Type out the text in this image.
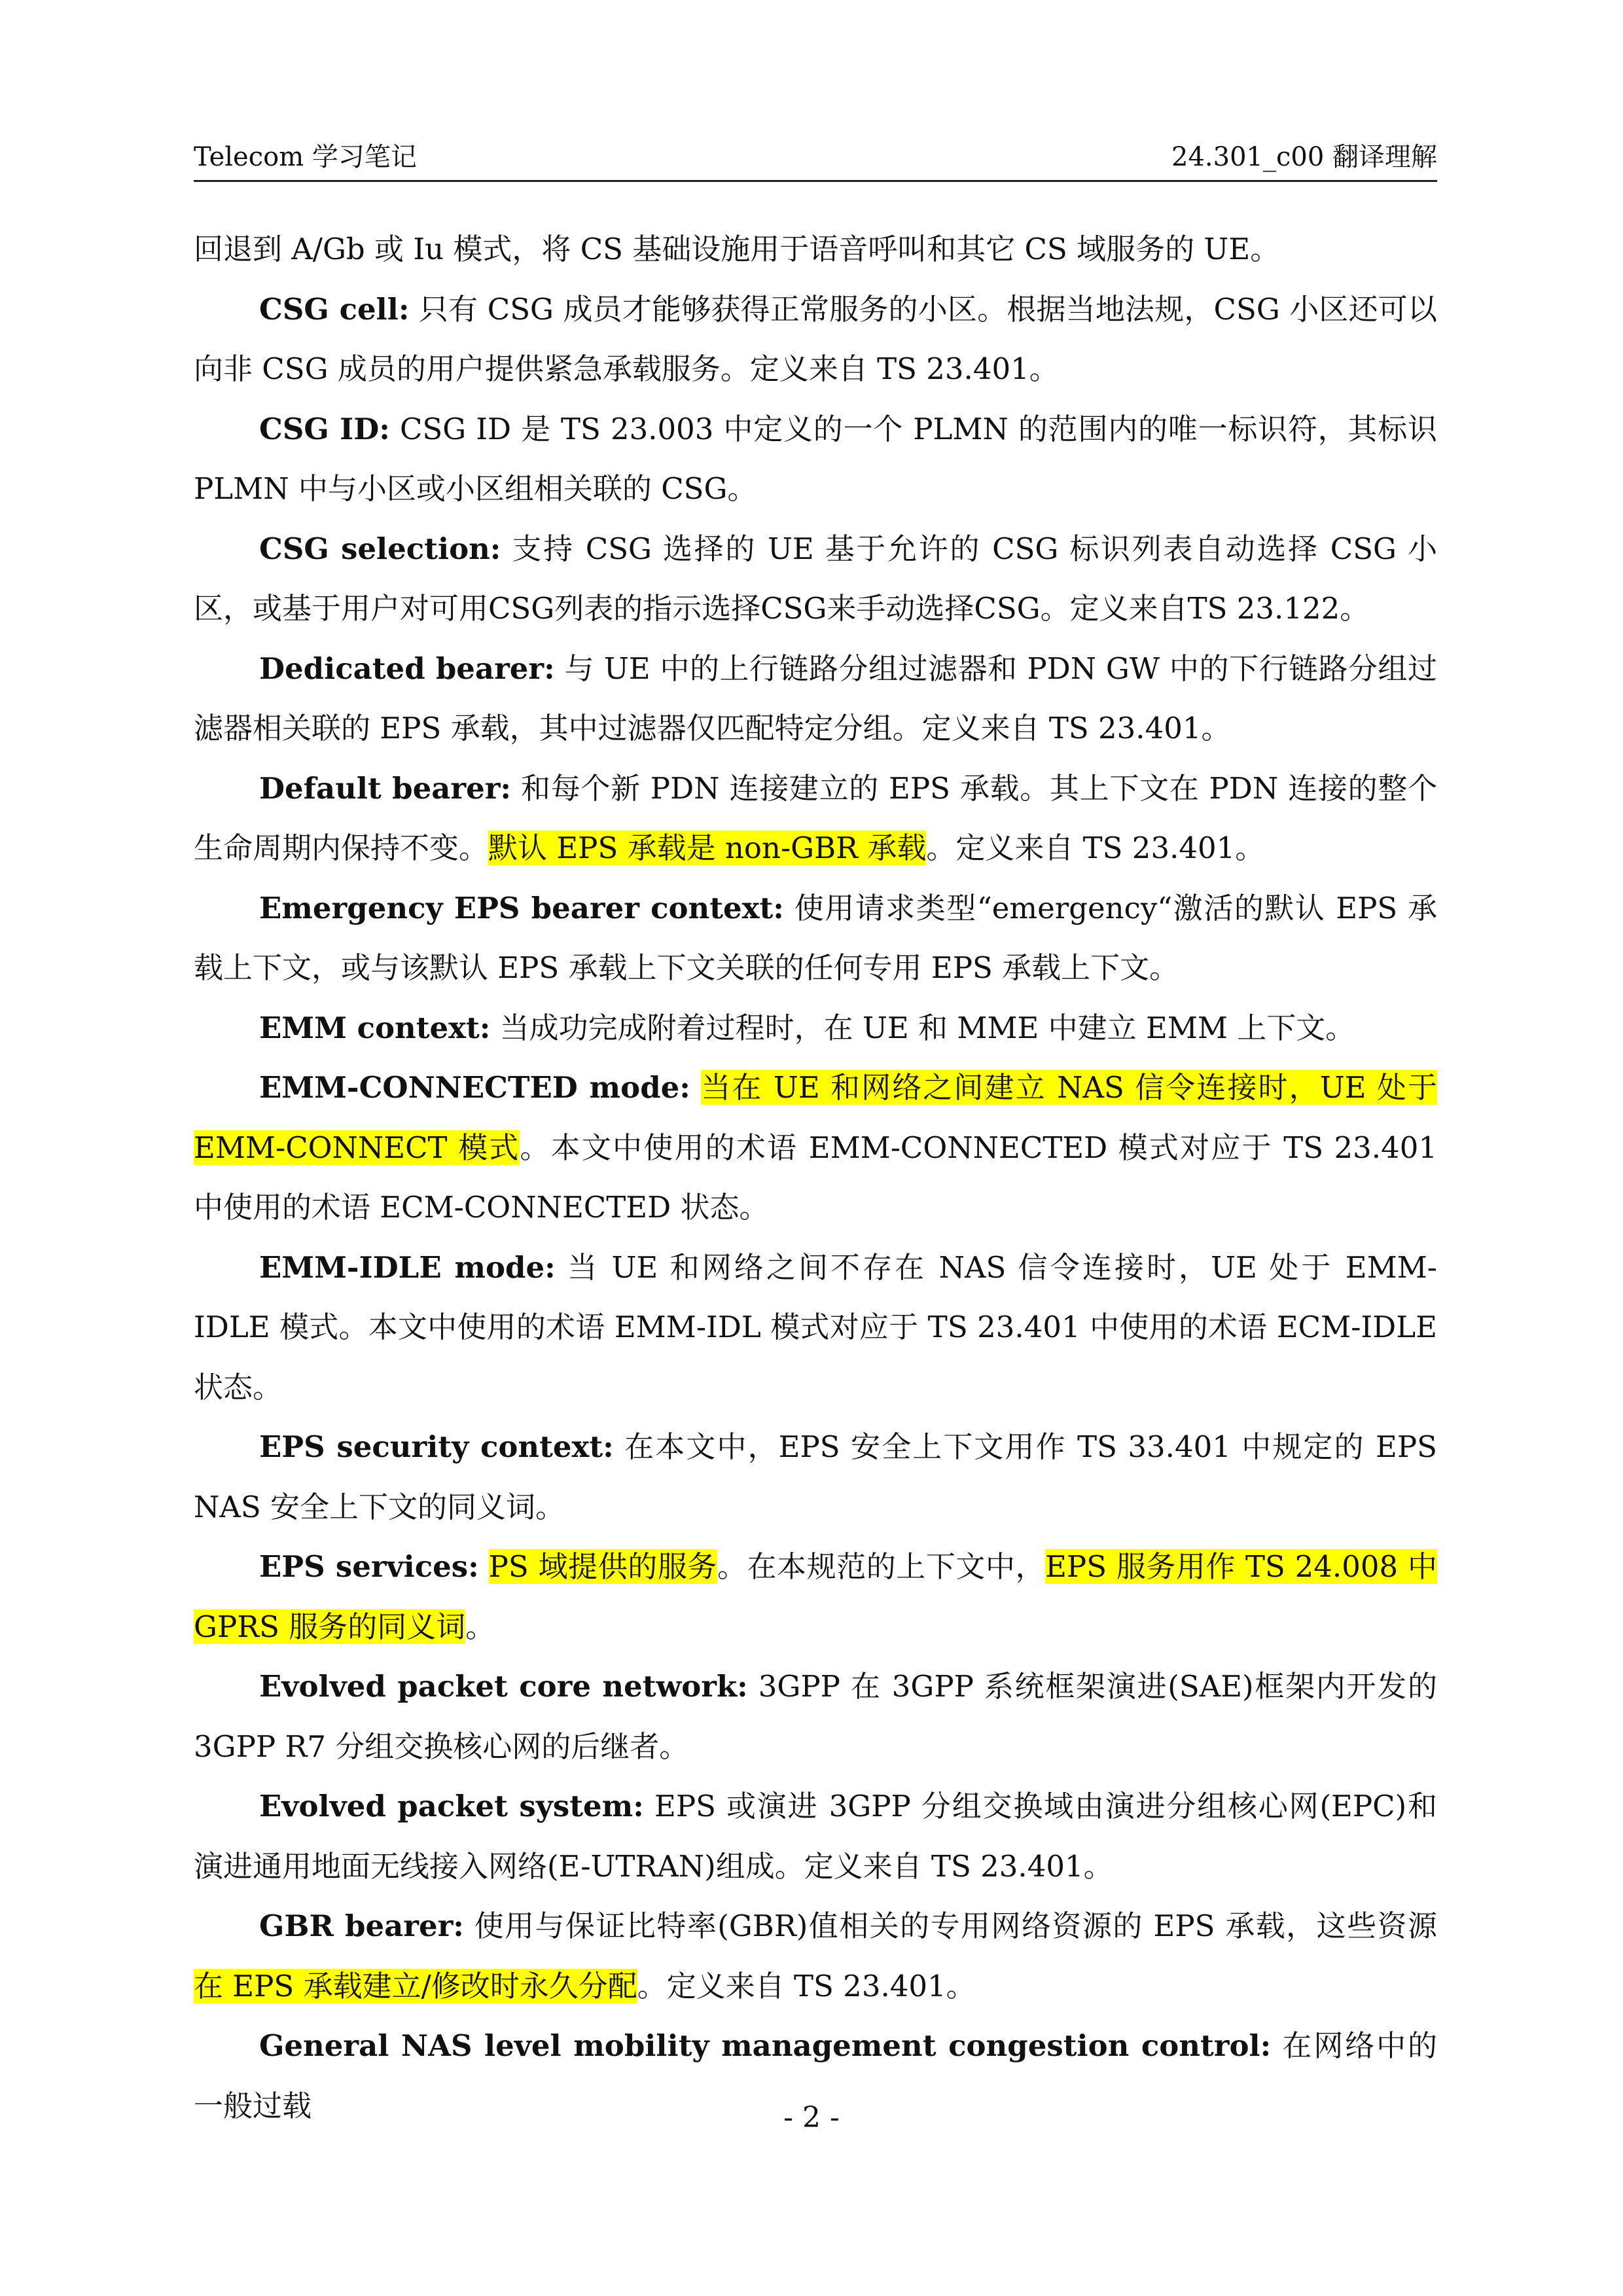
Telecom 学习笔记	24.301_c00 翻译理解

回退到 A/Gb 或 Iu 模式，将 CS 基础设施用于语音呼叫和其它 CS 域服务的 UE。

CSG cell: 只有 CSG 成员才能够获得正常服务的小区。根据当地法规，CSG 小区还可以向非 CSG 成员的用户提供紧急承载服务。定义来自 TS 23.401。

CSG ID: CSG ID 是 TS 23.003 中定义的一个 PLMN 的范围内的唯一标识符，其标识 PLMN 中与小区或小区组相关联的 CSG。

CSG selection: 支持 CSG 选择的 UE 基于允许的 CSG 标识列表自动选择 CSG 小区，或基于用户对可用CSG列表的指示选择CSG来手动选择CSG。定义来自TS 23.122。

Dedicated bearer: 与 UE 中的上行链路分组过滤器和 PDN GW 中的下行链路分组过滤器相关联的 EPS 承载，其中过滤器仅匹配特定分组。定义来自 TS 23.401。

Default bearer: 和每个新 PDN 连接建立的 EPS 承载。其上下文在 PDN 连接的整个生命周期内保持不变。默认 EPS 承载是 non-GBR 承载。定义来自 TS 23.401。

Emergency EPS bearer context: 使用请求类型“emergency“激活的默认 EPS 承载上下文，或与该默认 EPS 承载上下文关联的任何专用 EPS 承载上下文。

EMM context: 当成功完成附着过程时，在 UE 和 MME 中建立 EMM 上下文。

EMM-CONNECTED mode: 当在 UE 和网络之间建立 NAS 信令连接时，UE 处于 EMM-CONNECT 模式。本文中使用的术语 EMM-CONNECTED 模式对应于 TS 23.401 中使用的术语 ECM-CONNECTED 状态。

EMM-IDLE mode: 当 UE 和网络之间不存在 NAS 信令连接时，UE 处于 EMM-IDLE 模式。本文中使用的术语 EMM-IDL 模式对应于 TS 23.401 中使用的术语 ECM-IDLE 状态。

EPS security context: 在本文中，EPS 安全上下文用作 TS 33.401 中规定的 EPS NAS 安全上下文的同义词。

EPS services: PS 域提供的服务。在本规范的上下文中，EPS 服务用作 TS 24.008 中 GPRS 服务的同义词。

Evolved packet core network: 3GPP 在 3GPP 系统框架演进(SAE)框架内开发的 3GPP R7 分组交换核心网的后继者。

Evolved packet system: EPS 或演进 3GPP 分组交换域由演进分组核心网(EPC)和演进通用地面无线接入网络(E-UTRAN)组成。定义来自 TS 23.401。

GBR bearer: 使用与保证比特率(GBR)值相关的专用网络资源的 EPS 承载，这些资源在 EPS 承载建立/修改时永久分配。定义来自 TS 23.401。

General NAS level mobility management congestion control: 在网络中的一般过载	- 2 -
